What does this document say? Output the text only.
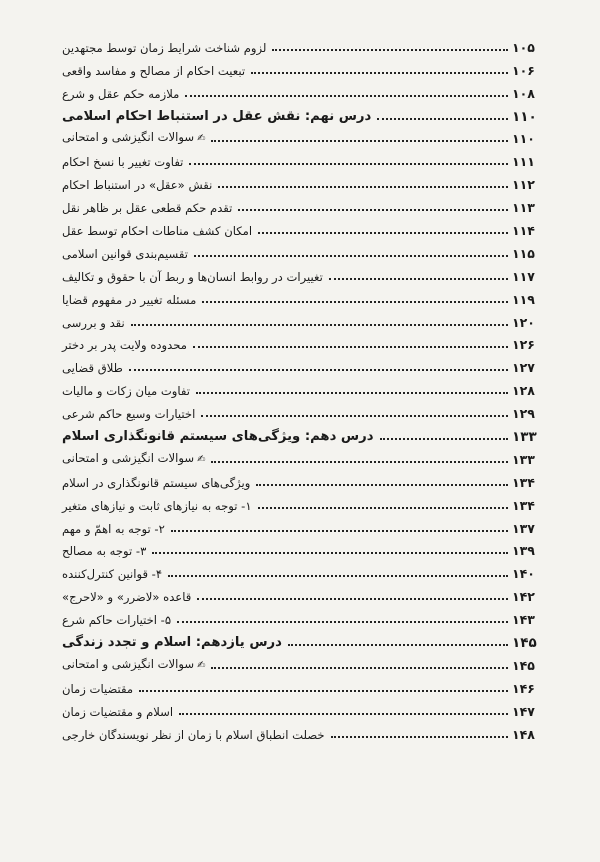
لزوم شناخت شرایط زمان توسط مجتهدین	۱۰۵
تبعیت احکام از مصالح و مفاسد واقعی	۱۰۶
ملازمه حکم عقل و شرع	۱۰۸
درس نهم: نقش عقل در استنباط احکام اسلامی	۱۱۰
✍سوالات انگیزشی و امتحانی	۱۱۰
تفاوت تغییر با نسخ احکام	۱۱۱
نقش «عقل» در استنباط احکام	۱۱۲
تقدم حکم قطعی عقل بر ظاهر نقل	۱۱۳
امکان کشف مناطات احکام توسط عقل	۱۱۴
تقسیم‌بندی قوانین اسلامی	۱۱۵
تغییرات در روابط انسان‌ها و ربط آن با حقوق و تکالیف	۱۱۷
مسئله تغییر در مفهوم قضایا	۱۱۹
نقد و بررسی	۱۲۰
محدوده ولایت پدر بر دختر	۱۲۶
طلاق قضایی	۱۲۷
تفاوت میان زکات و مالیات	۱۲۸
اختیارات وسیع حاکم شرعی	۱۲۹
درس دهم: ویژگی‌های سیستم قانونگذاری اسلام	۱۳۳
✍سوالات انگیزشی و امتحانی	۱۳۳
ویژگی‌های سیستم قانونگذاری در اسلام	۱۳۴
۱- توجه به نیازهای ثابت و نیازهای متغیر	۱۳۴
۲- توجه به اهمّ و مهم	۱۳۷
۳- توجه به مصالح	۱۳۹
۴- قوانین کنترل‌کننده	۱۴۰
قاعده «لاضرر» و «لاحرج»	۱۴۲
۵- اختیارات حاکم شرع	۱۴۳
درس یازدهم: اسلام و تجدد زندگی	۱۴۵
✍سوالات انگیزشی و امتحانی	۱۴۵
مقتضیات زمان	۱۴۶
اسلام و مقتضیات زمان	۱۴۷
خصلت انطباق اسلام با زمان از نظر نویسندگان خارجی	۱۴۸
